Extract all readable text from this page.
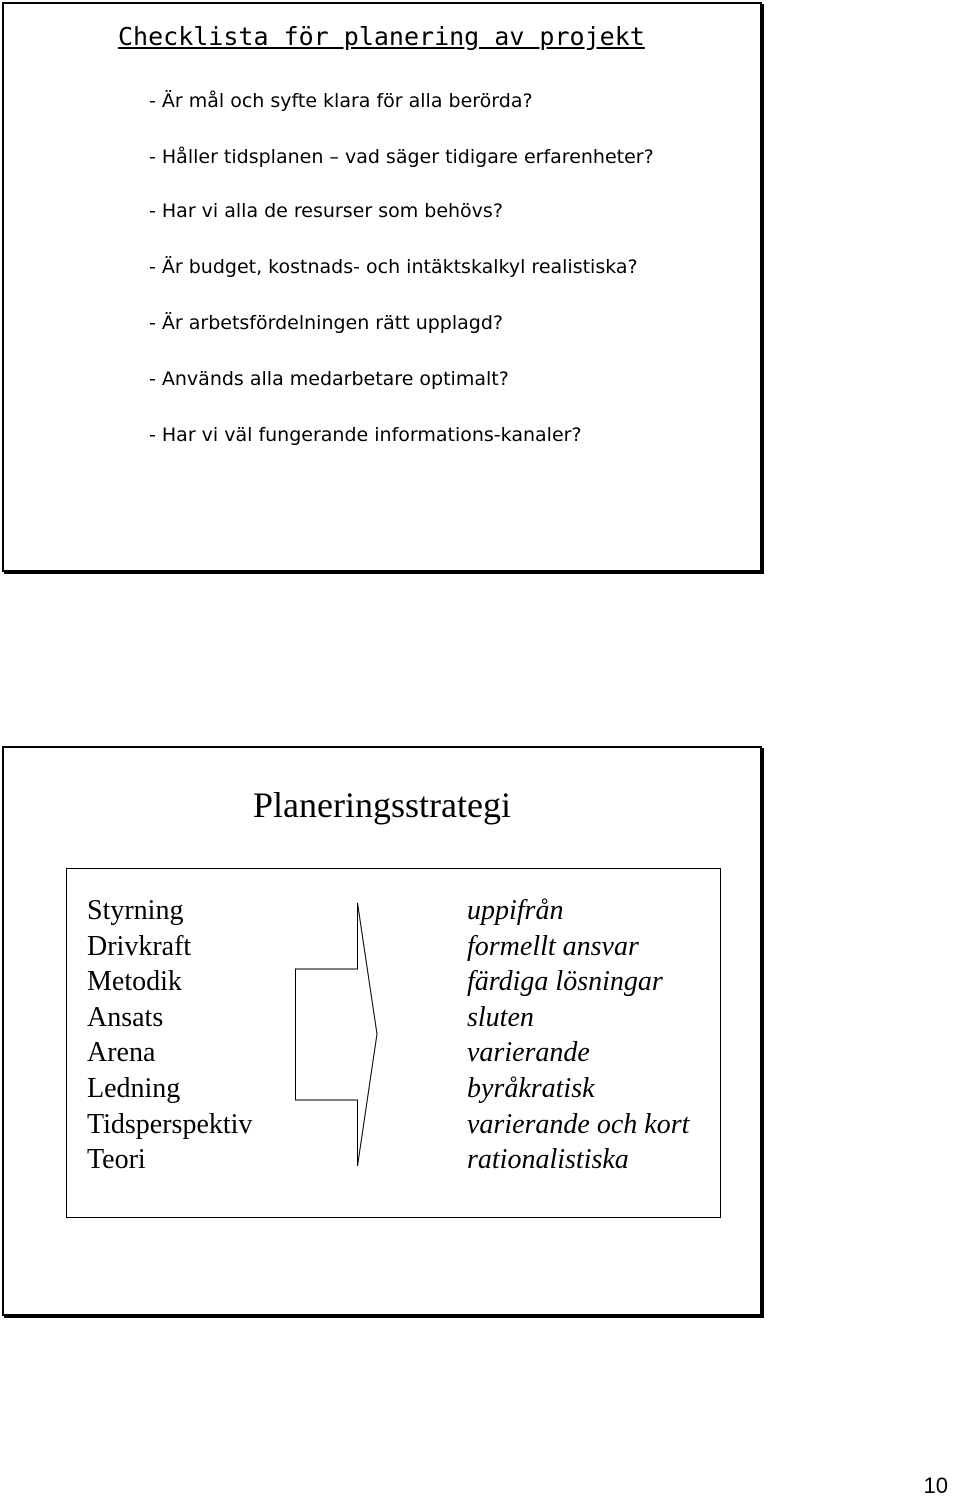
Checklista för planering av projekt
- Är mål och syfte klara för alla berörda?
- Håller tidsplanen – vad säger tidigare erfarenheter?
- Har vi alla de resurser som behövs?
- Är budget, kostnads- och intäktskalkyl realistiska?
- Är arbetsfördelningen rätt upplagd?
- Används alla medarbetare optimalt?
- Har vi väl fungerande informations-kanaler?
Planeringsstrategi
Styrning
Drivkraft
Metodik
Ansats
Arena
Ledning
Tidsperspektiv
Teori
uppifrån
formellt ansvar
färdiga lösningar
sluten
varierande
byråkratisk
varierande och kort
rationalistiska
10
